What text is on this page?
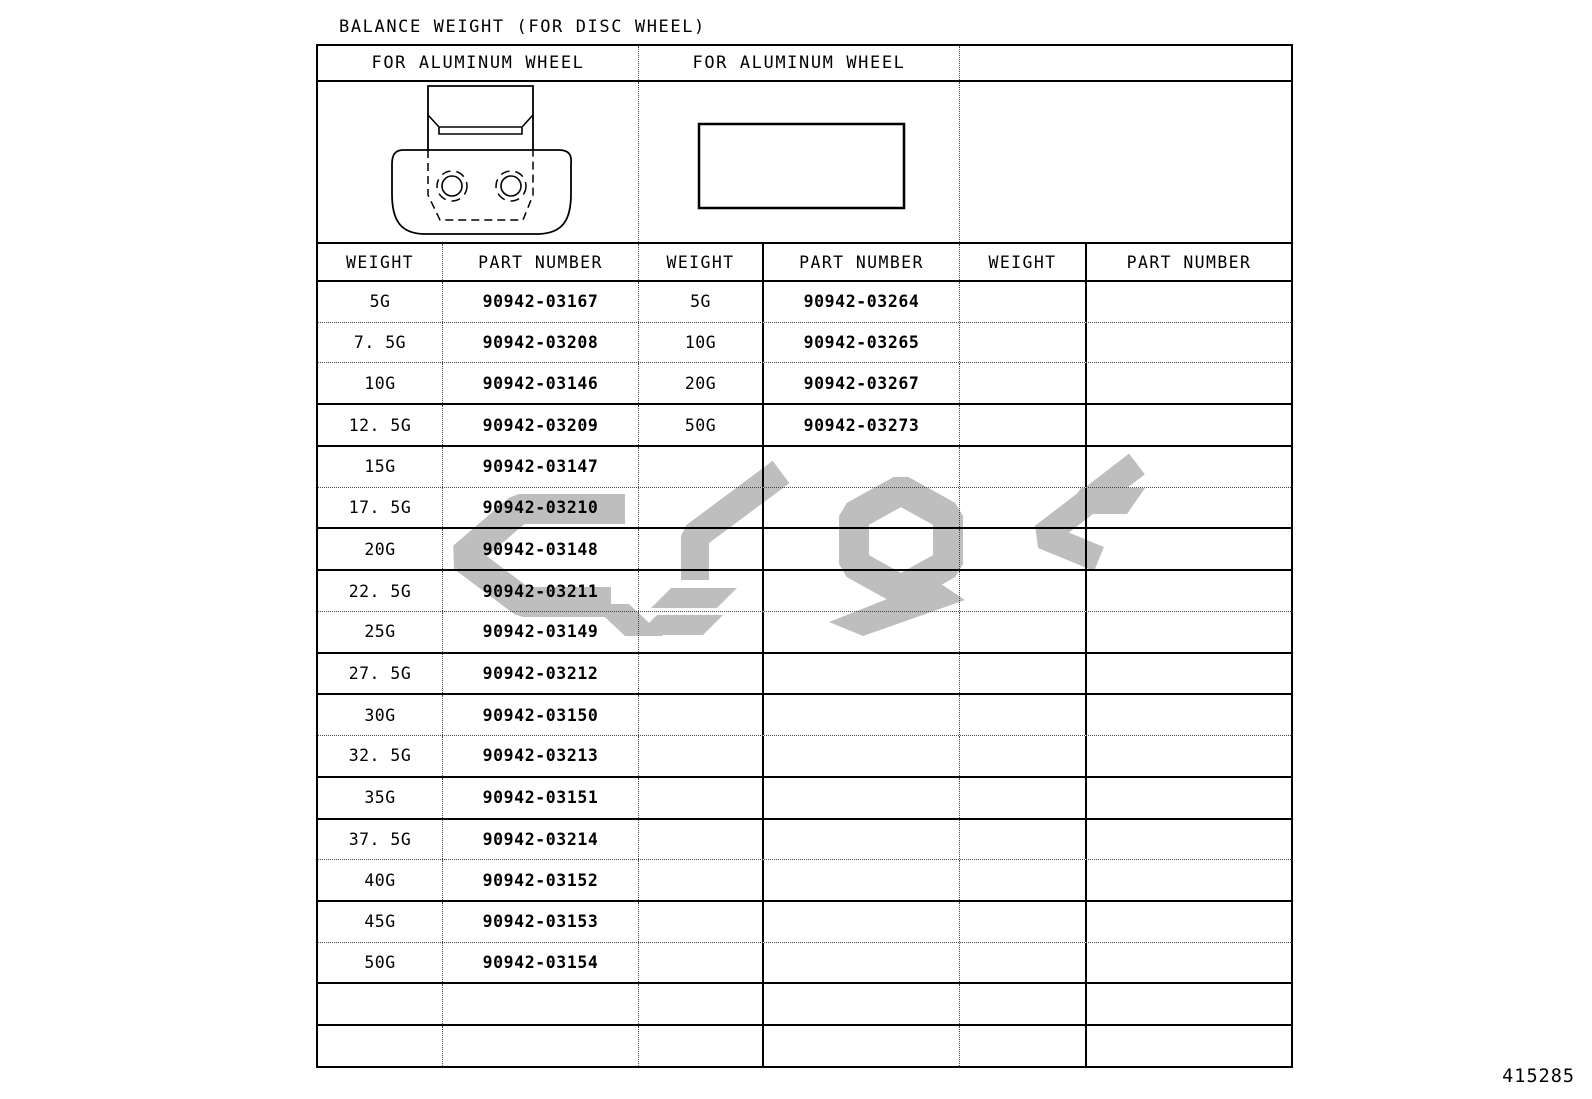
BALANCE WEIGHT (FOR DISC WHEEL)
FOR ALUMINUM WHEEL	FOR ALUMINUM WHEEL
WEIGHT	PART NUMBER	WEIGHT	PART NUMBER	WEIGHT	PART NUMBER
5G	90942-03167	5G	90942-03264
7. 5G	90942-03208	10G	90942-03265
10G	90942-03146	20G	90942-03267
12. 5G	90942-03209	50G	90942-03273
15G	90942-03147
17. 5G	90942-03210
20G	90942-03148
22. 5G	90942-03211
25G	90942-03149
27. 5G	90942-03212
30G	90942-03150
32. 5G	90942-03213
35G	90942-03151
37. 5G	90942-03214
40G	90942-03152
45G	90942-03153
50G	90942-03154
415285
